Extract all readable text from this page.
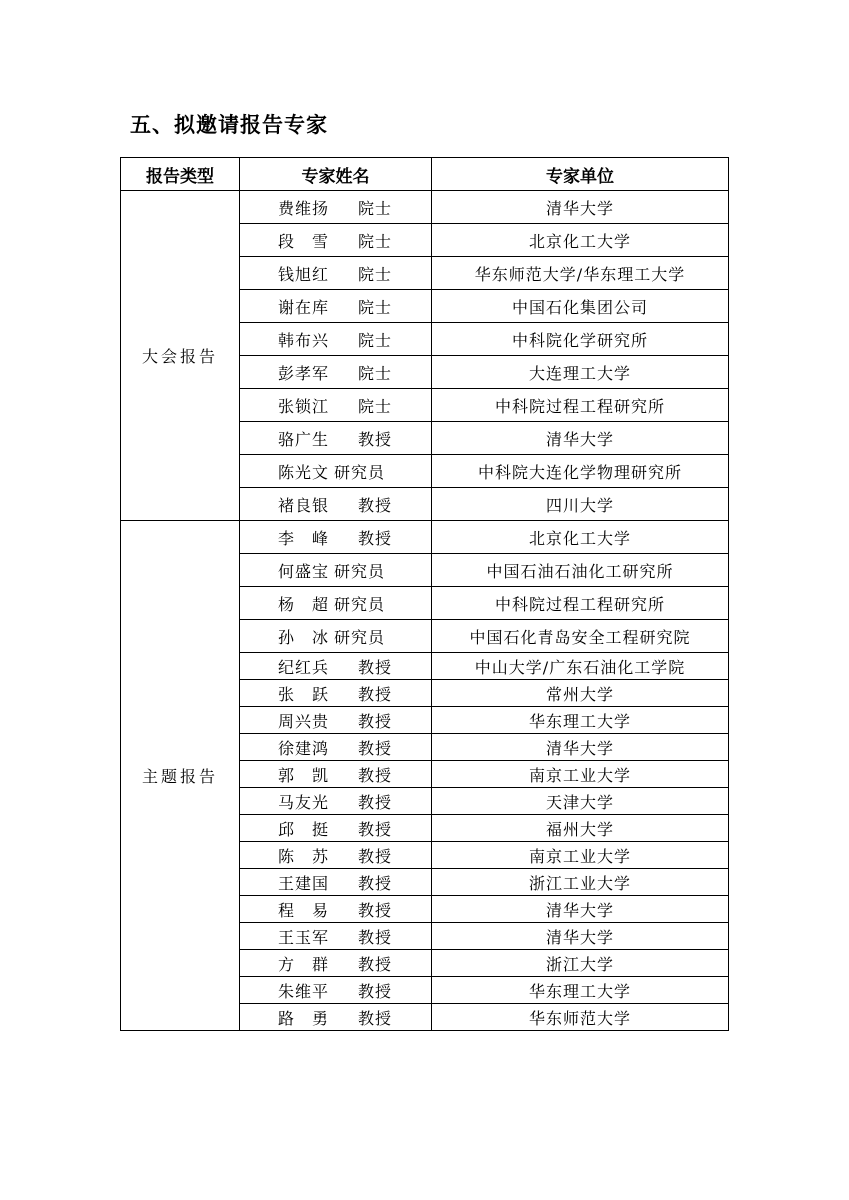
五、拟邀请报告专家
报告类型	专家姓名	专家单位
大会报告	费维扬 院士	清华大学
	段　雪 院士	北京化工大学
	钱旭红 院士	华东师范大学/华东理工大学
	谢在库 院士	中国石化集团公司
	韩布兴 院士	中科院化学研究所
	彭孝军 院士	大连理工大学
	张锁江 院士	中科院过程工程研究所
	骆广生 教授	清华大学
	陈光文 研究员	中科院大连化学物理研究所
	褚良银 教授	四川大学
主题报告	李　峰 教授	北京化工大学
	何盛宝 研究员	中国石油石油化工研究所
	杨　超 研究员	中科院过程工程研究所
	孙　冰 研究员	中国石化青岛安全工程研究院
	纪红兵 教授	中山大学/广东石油化工学院
	张　跃 教授	常州大学
	周兴贵 教授	华东理工大学
	徐建鸿 教授	清华大学
	郭　凯 教授	南京工业大学
	马友光 教授	天津大学
	邱　挺 教授	福州大学
	陈　苏 教授	南京工业大学
	王建国 教授	浙江工业大学
	程　易 教授	清华大学
	王玉军 教授	清华大学
	方　群 教授	浙江大学
	朱维平 教授	华东理工大学
	路　勇 教授	华东师范大学
